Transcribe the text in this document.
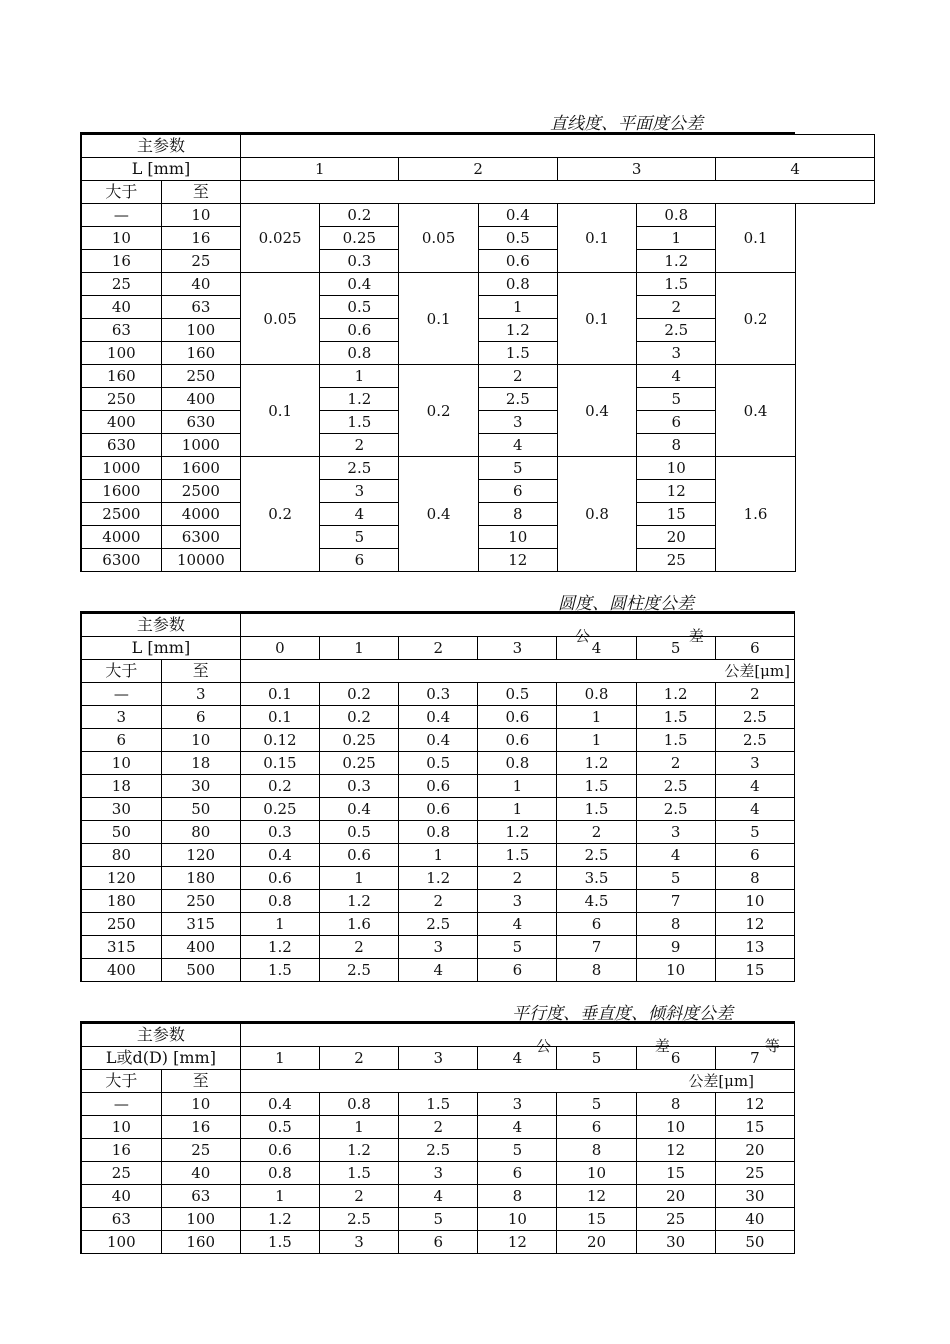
直线度、平面度公差
主参数								
L [mm]		1		2		3		4
大于	至							
—	10	0.025	0.2	0.05	0.4	0.1	0.8	0.1
10	16		0.25		0.5		1	
16	25		0.3		0.6		1.2	
25	40	0.05	0.4	0.1	0.8	0.1	1.5	0.2
40	63		0.5		1		2	
63	100		0.6		1.2		2.5	
100	160		0.8		1.5		3	
160	250	0.1	1	0.2	2	0.4	4	0.4
250	400		1.2		2.5		5	
400	630		1.5		3		6	
630	1000		2		4		8	
1000	1600	0.2	2.5	0.4	5	0.8	10	1.6
1600	2500		3		6		12	
2500	4000		4		8		15	
4000	6300		5		10		20	
6300	10000		6		12		25	
圆度、圆柱度公差
主参数		公 差						

L [mm]		0	1	2	3	4	5	6
大于	至	公差[μm]						
—	3	0.1	0.2	0.3	0.5	0.8	1.2	2
3	6	0.1	0.2	0.4	0.6	1	1.5	2.5
6	10	0.12	0.25	0.4	0.6	1	1.5	2.5
10	18	0.15	0.25	0.5	0.8	1.2	2	3
18	30	0.2	0.3	0.6	1	1.5	2.5	4
30	50	0.25	0.4	0.6	1	1.5	2.5	4
50	80	0.3	0.5	0.8	1.2	2	3	5
80	120	0.4	0.6	1	1.5	2.5	4	6
120	180	0.6	1	1.2	2	3.5	5	8
180	250	0.8	1.2	2	3	4.5	7	10
250	315	1	1.6	2.5	4	6	8	12
315	400	1.2	2	3	5	7	9	13
400	500	1.5	2.5	4	6	8	10	15
平行度、垂直度、倾斜度公差
主参数		公 差 等						

L或d(D) [mm]		1	2	3	4	5	6	7
大于	至	公差[μm]						
—	10	0.4	0.8	1.5	3	5	8	12
10	16	0.5	1	2	4	6	10	15
16	25	0.6	1.2	2.5	5	8	12	20
25	40	0.8	1.5	3	6	10	15	25
40	63	1	2	4	8	12	20	30
63	100	1.2	2.5	5	10	15	25	40
100	160	1.5	3	6	12	20	30	50
